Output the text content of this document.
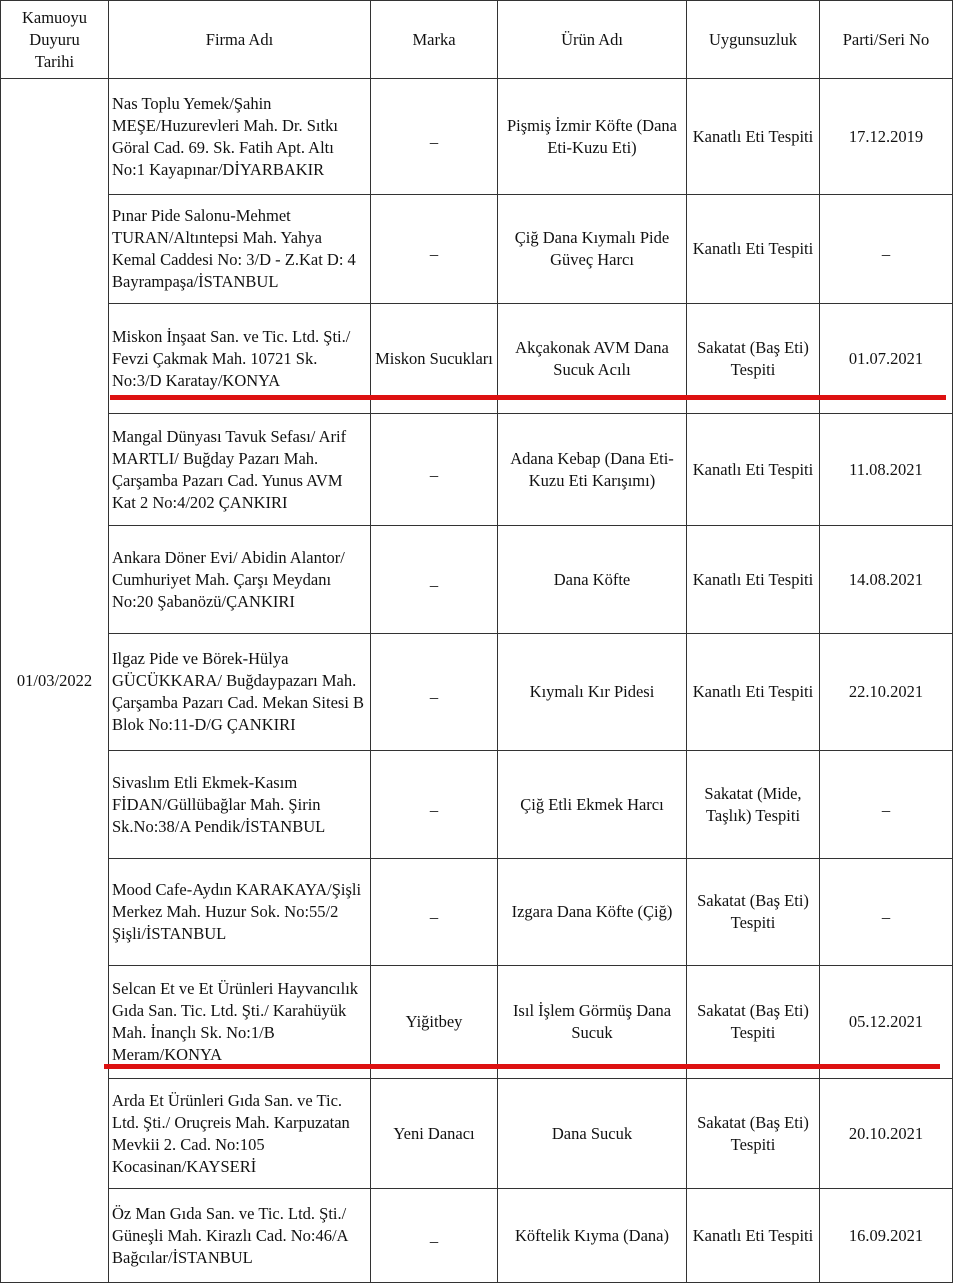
Kamuoyu Duyuru Tarihi	Firma Adı	Marka	Ürün Adı	Uygunsuzluk	Parti/Seri No
01/03/2022	Nas Toplu Yemek/Şahin MEŞE/Huzurevleri Mah. Dr. Sıtkı Göral Cad. 69. Sk. Fatih Apt. Altı No:1 Kayapınar/DİYARBAKIR	_	Pişmiş İzmir Köfte (Dana Eti-Kuzu Eti)	Kanatlı Eti Tespiti	17.12.2019
	Pınar Pide Salonu-Mehmet TURAN/Altıntepsi Mah. Yahya Kemal Caddesi No: 3/D - Z.Kat D: 4 Bayrampaşa/İSTANBUL	_	Çiğ Dana Kıymalı Pide Güveç Harcı	Kanatlı Eti Tespiti	_
	Miskon İnşaat San. ve Tic. Ltd. Şti./ Fevzi Çakmak Mah. 10721 Sk. No:3/D Karatay/KONYA	Miskon Sucukları	Akçakonak AVM Dana Sucuk Acılı	Sakatat (Baş Eti) Tespiti	01.07.2021
	Mangal Dünyası Tavuk Sefası/ Arif MARTLI/ Buğday Pazarı Mah. Çarşamba Pazarı Cad. Yunus AVM Kat 2 No:4/202 ÇANKIRI	_	Adana Kebap (Dana Eti-Kuzu Eti Karışımı)	Kanatlı Eti Tespiti	11.08.2021
	Ankara Döner Evi/ Abidin Alantor/ Cumhuriyet Mah. Çarşı Meydanı No:20 Şabanözü/ÇANKIRI	_	Dana Köfte	Kanatlı Eti Tespiti	14.08.2021
	Ilgaz Pide ve Börek-Hülya GÜCÜKKARA/ Buğdaypazarı Mah. Çarşamba Pazarı Cad. Mekan Sitesi B Blok No:11-D/G ÇANKIRI	_	Kıymalı Kır Pidesi	Kanatlı Eti Tespiti	22.10.2021
	Sivaslım Etli Ekmek-Kasım FİDAN/Güllübağlar Mah. Şirin Sk.No:38/A Pendik/İSTANBUL	_	Çiğ Etli Ekmek Harcı	Sakatat (Mide, Taşlık) Tespiti	_
	Mood Cafe-Aydın KARAKAYA/Şişli Merkez Mah. Huzur Sok. No:55/2 Şişli/İSTANBUL	_	Izgara Dana Köfte (Çiğ)	Sakatat (Baş Eti) Tespiti	_
	Selcan Et ve Et Ürünleri Hayvancılık Gıda San. Tic. Ltd. Şti./ Karahüyük Mah. İnançlı Sk. No:1/B Meram/KONYA	Yiğitbey	Isıl İşlem Görmüş Dana Sucuk	Sakatat (Baş Eti) Tespiti	05.12.2021
	Arda Et Ürünleri Gıda San. ve Tic. Ltd. Şti./ Oruçreis Mah. Karpuzatan Mevkii 2. Cad. No:105 Kocasinan/KAYSERİ	Yeni Danacı	Dana Sucuk	Sakatat (Baş Eti) Tespiti	20.10.2021
	Öz Man Gıda San. ve Tic. Ltd. Şti./ Güneşli Mah. Kirazlı Cad. No:46/A Bağcılar/İSTANBUL	_	Köftelik Kıyma (Dana)	Kanatlı Eti Tespiti	16.09.2021
